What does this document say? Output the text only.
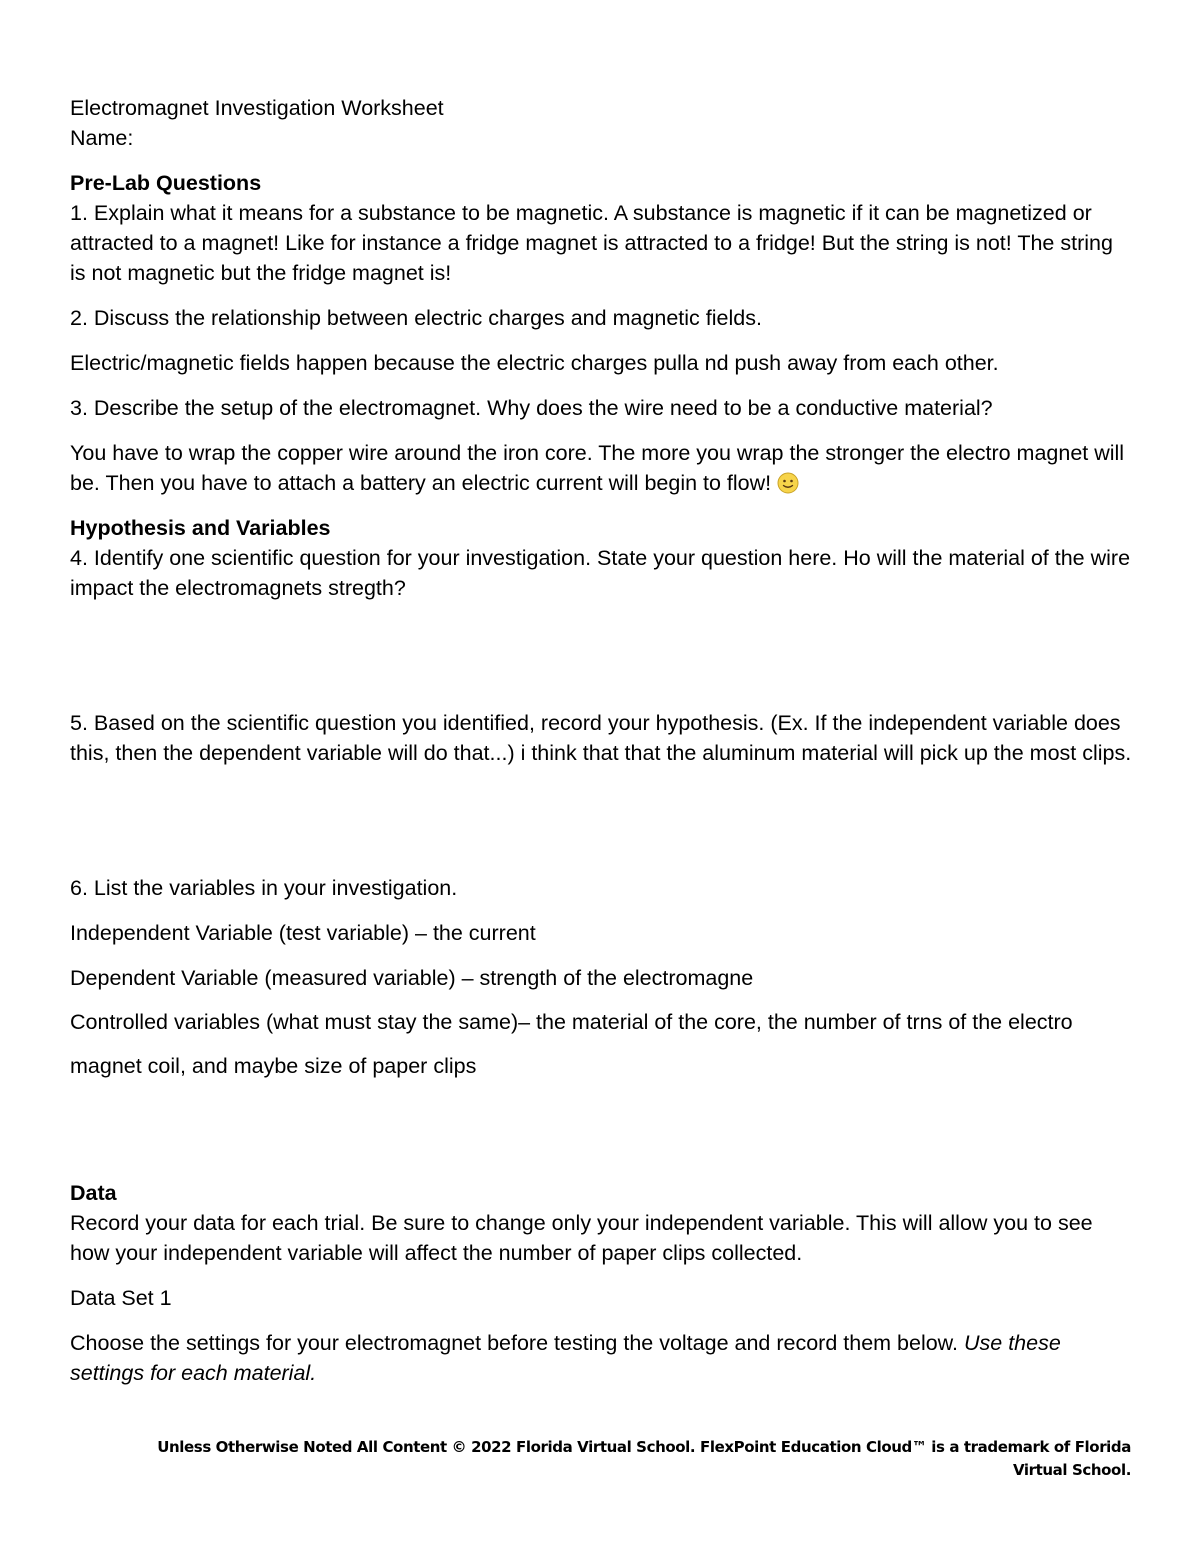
Electromagnet Investigation Worksheet
Name:
Pre-Lab Questions

1. Explain what it means for a substance to be magnetic. A substance is magnetic if it can be magnetized or attracted to a magnet! Like for instance a fridge magnet is attracted to a fridge! But the string is not! The string is not magnetic but the fridge magnet is!

2. Discuss the relationship between electric charges and magnetic fields.

Electric/magnetic fields happen because the electric charges pulla nd push away from each other.

3. Describe the setup of the electromagnet. Why does the wire need to be a conductive material?

You have to wrap the copper wire around the iron core. The more you wrap the stronger the electro magnet will be. Then you have to attach a battery an electric current will begin to flow!

Hypothesis and Variables

4. Identify one scientific question for your investigation. State your question here. Ho will the material of the wire impact the electromagnets stregth?

5. Based on the scientific question you identified, record your hypothesis. (Ex. If the independent variable does this, then the dependent variable will do that...) i think that that the aluminum material will pick up the most clips.

6. List the variables in your investigation.

Independent Variable (test variable) – the current

Dependent Variable (measured variable) – strength of the electromagne

Controlled variables (what must stay the same)– the material of the core, the number of trns of the electro magnet coil, and maybe size of paper clips

Data

Record your data for each trial. Be sure to change only your independent variable. This will allow you to see how your independent variable will affect the number of paper clips collected.

Data Set 1

Choose the settings for your electromagnet before testing the voltage and record them below. Use these settings for each material.

Unless Otherwise Noted All Content © 2022 Florida Virtual School. FlexPoint Education Cloud™ is a trademark of Florida Virtual School.
